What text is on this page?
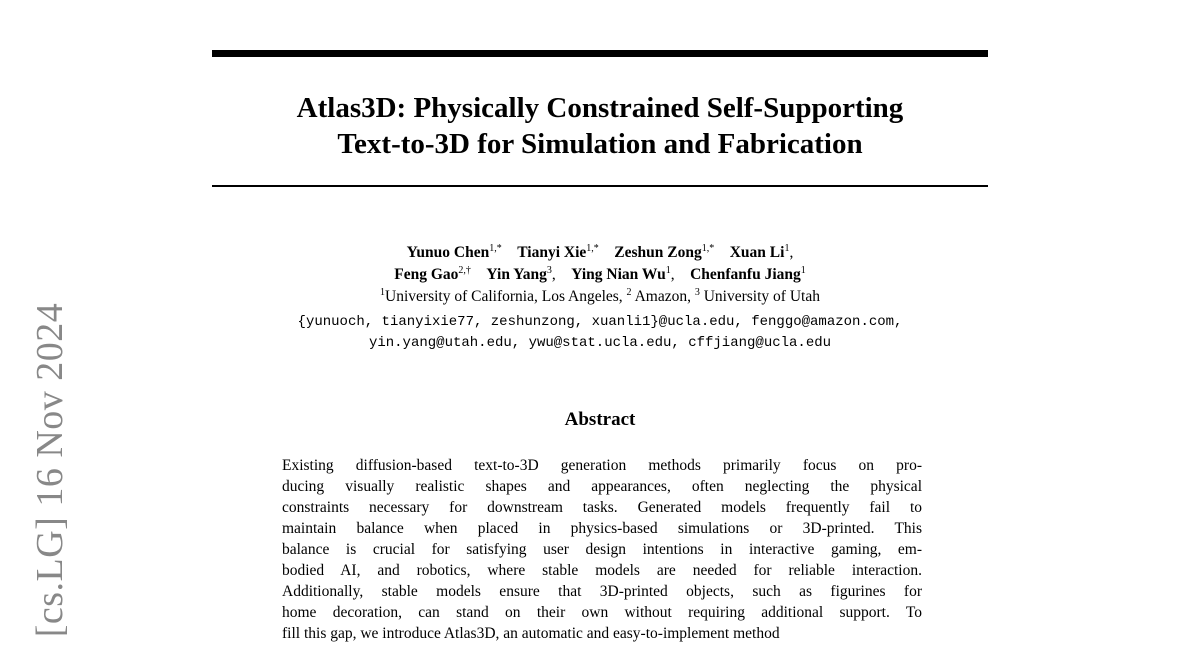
[cs.LG] 16 Nov 2024
Atlas3D: Physically Constrained Self-Supporting
Text-to-3D for Simulation and Fabrication
Yunuo Chen$^{1,*}$ Tianyi Xie$^{1,*}$ Zeshun Zong$^{1,*}$ Xuan Li$^1$,
Feng Gao$^{2,\dagger}$ Yin Yang$^3$,    Ying Nian Wu$^1$,    Chenfanfu Jiang$^1$
$^1$University of California, Los Angeles, $^2$ Amazon, $^3$ University of Utah
{yunuoch, tianyixie77, zeshunzong, xuanli1}@ucla.edu, fenggo@amazon.com,
yin.yang@utah.edu, ywu@stat.ucla.edu, cffjiang@ucla.edu
Abstract
Existing diffusion-based text-to-3D generation methods primarily focus on pro-
ducing visually realistic shapes and appearances, often neglecting the physical
constraints necessary for downstream tasks. Generated models frequently fail to
maintain balance when placed in physics-based simulations or 3D-printed. This
balance is crucial for satisfying user design intentions in interactive gaming, em-
bodied AI, and robotics, where stable models are needed for reliable interaction.
Additionally, stable models ensure that 3D-printed objects, such as figurines for
home decoration, can stand on their own without requiring additional support. To
fill this gap, we introduce Atlas3D, an automatic and easy-to-implement method
